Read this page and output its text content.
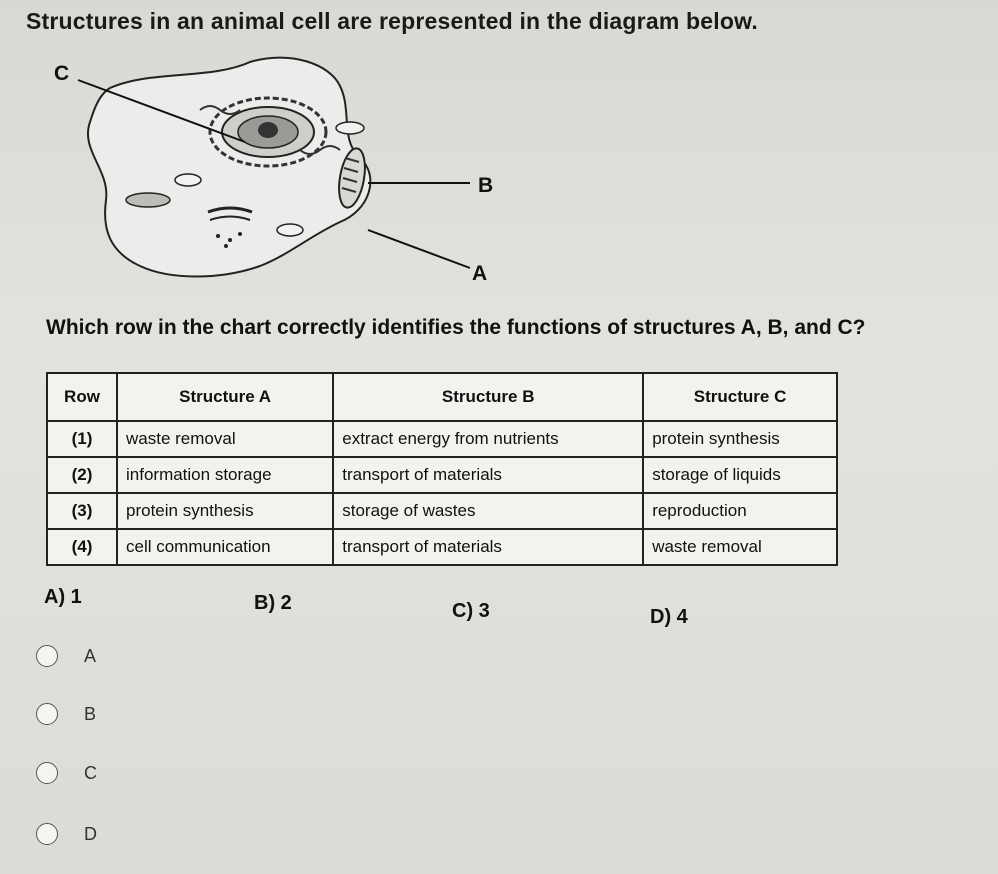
Structures in an animal cell are represented in the diagram below.
C
B
A
Which row in the chart correctly identifies the functions of structures A, B, and C?
Row	Structure A	Structure B	Structure C
(1)	waste removal	extract energy from nutrients	protein synthesis
(2)	information storage	transport of materials	storage of liquids
(3)	protein synthesis	storage of wastes	reproduction
(4)	cell communication	transport of materials	waste removal
A) 1	B) 2	C) 3	D) 4
A
B
C
D
